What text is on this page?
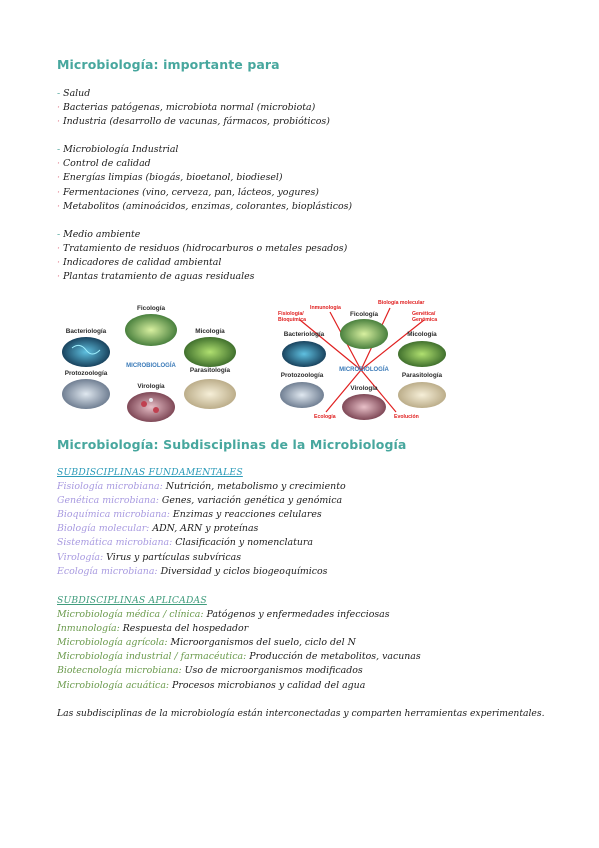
Microbiología: importante para
- Salud
· Bacterias patógenas, microbiota normal (microbiota)
· Industria (desarrollo de vacunas, fármacos, probióticos)
- Microbiología Industrial
· Control de calidad
· Energías limpias (biogás, bioetanol, biodiesel)
· Fermentaciones (vino, cerveza, pan, lácteos, yogures)
· Metabolitos (aminoácidos, enzimas, colorantes, bioplásticos)
- Medio ambiente
· Tratamiento de residuos (hidrocarburos o metales pesados)
· Indicadores de calidad ambiental
· Plantas tratamiento de aguas residuales
Ficología
Bacteriología	Micología
MICROBIOLOGÍA
Protozoología	Parasitología
Virología
Fisiología/
Bioquímica
Inmunología
Biología molecular
Genética/
Genómica
Ecología	Evolución
Ficología
Bacteriología	Micología
MICROBIOLOGÍA
Protozoología	Parasitología
Virología
Microbiología: Subdisciplinas de la Microbiología
SUBDISCIPLINAS FUNDAMENTALES
Fisiología microbiana: Nutrición, metabolismo y crecimiento
Genética microbiana: Genes, variación genética y genómica
Bioquímica microbiana: Enzimas y reacciones celulares
Biología molecular: ADN, ARN y proteínas
Sistemática microbiana: Clasificación y nomenclatura
Virología: Virus y partículas subvíricas
Ecología microbiana: Diversidad y ciclos biogeoquímicos
SUBDISCIPLINAS APLICADAS
Microbiología médica / clínica: Patógenos y enfermedades infecciosas
Inmunología: Respuesta del hospedador
Microbiología agrícola: Microorganismos del suelo, ciclo del N
Microbiología industrial / farmacéutica: Producción de metabolitos, vacunas
Biotecnología microbiana: Uso de microorganismos modificados
Microbiología acuática: Procesos microbianos y calidad del agua
Las subdisciplinas de la microbiología están interconectadas y comparten herramientas experimentales.
